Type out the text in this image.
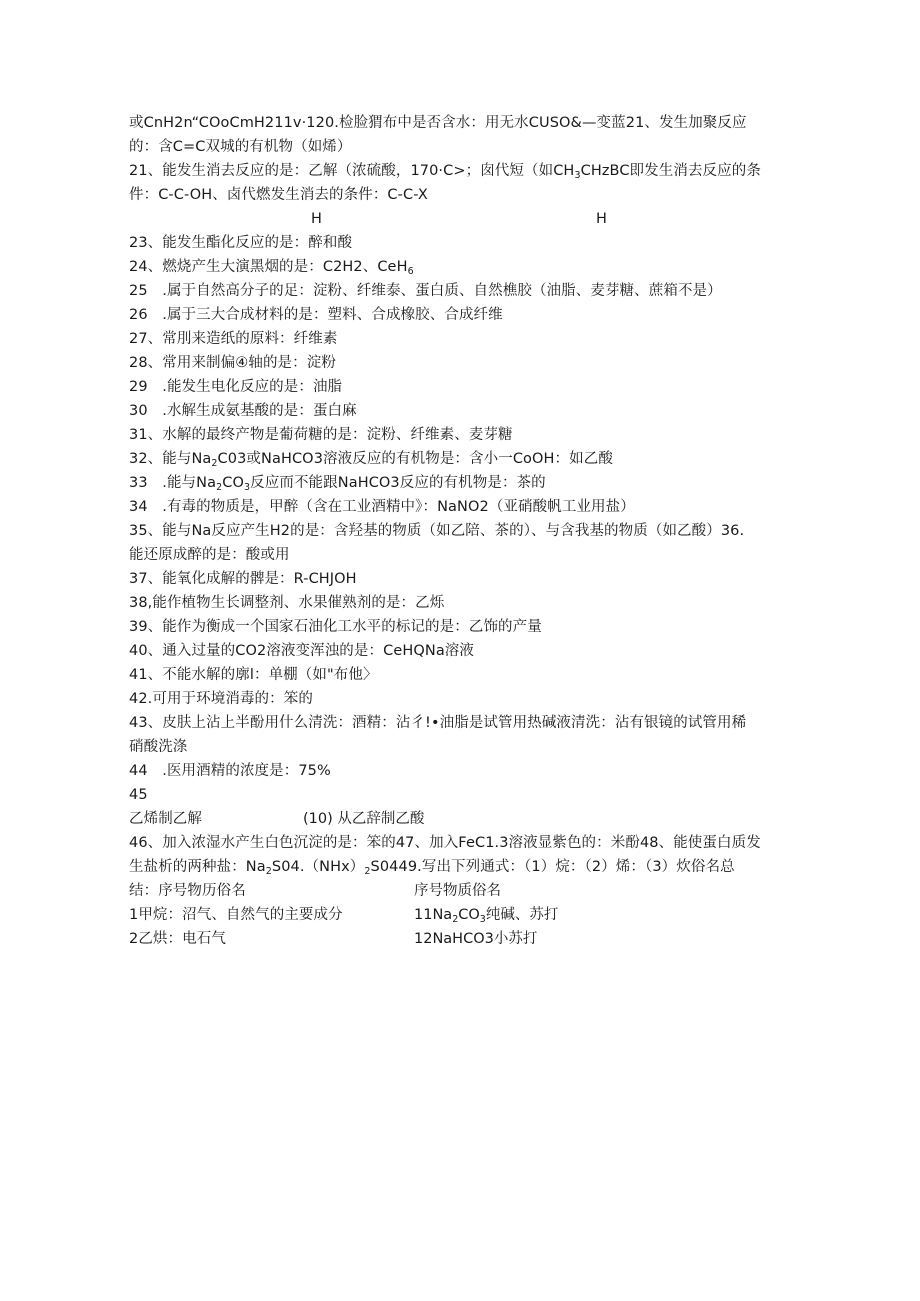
或CnH2n“COoCmH211v·120.检脸猬布中是否含水：用无水CUSO&—变蓝21、发生加聚反应
的：含C=C双城的有机物（如烯）
21、能发生消去反应的是：乙解（浓硫酸，170·C>；囱代短（如$CH_3CHzBC$即发生消去反应的条
件：C-C-OH、卤代燃发生消去的条件：C-C-X
H	H
23、能发生酯化反应的是：醉和酸
24、燃烧产生大演黑烟的是：C2H2、CeH$_6$
25　.属于自然高分子的足：淀粉、纤维泰、蛋白质、自然樵胶（油脂、麦芽糖、蔗箱不是）
26　.属于三大合成材料的是：塑料、合成橡胶、合成纤维
27、常刖来造纸的原料：纤维素
28、常用来制偏④轴的是：淀粉
29　.能发生电化反应的是：油脂
30　.水解生成氨基酸的是：蛋白麻
31、水解的最终产物是葡荷糖的是：淀粉、纤维素、麦芽糖
32、能与$Na_2C03$或NaHCO3溶液反应的有机物是：含小一CoOH：如乙酸
33　.能与$Na_2CO_3$反应而不能跟NaHCO3反应的有机物是：茶的
34　.有毒的物质是，甲醉（含在工业酒精中》：NaNO2（亚硝酸帆工业用盐）
35、能与Na反应产生H2的是：含羟基的物质（如乙陪、茶的）、与含我基的物质（如乙酸）36.
能还原成醉的是：酸或用
37、能氧化成解的髀是：R-CHJOH
38,能作植物生长调整剂、水果催熟剂的是：乙烁
39、能作为衡成一个国家石油化工水平的标记的是：乙饰的产量
40、通入过量的CO2溶液变浑浊的是：CeHQNa溶液
41、不能水解的廓l：单棚（如"布他〉
42.可用于环境消毒的：笨的
43、皮肤上沾上半酚用什么清洗：酒精：沾彳!•油脂是试管用热碱液清洗：沾有银镜的试管用稀
硝酸洗涤
44　.医用酒精的浓度是：75%
45
乙烯制乙解	(10) 从乙辞制乙酸
46、加入浓湿水产生白色沉淀的是：笨的47、加入FeC1.3溶液显紫色的：米酚48、能使蛋白质发
生盐析的两种盐：$Na_2S04.(NHx)_2S0449$.写出下列通式：（1）烷：（2）烯：（3）炊俗名总
结：序号物历俗名	序号物质俗名
1甲烷：沼气、自然气的主要成分	$11Na_2CO_3$纯碱、苏打
2乙烘：电石气	12NaHCO3小苏打
